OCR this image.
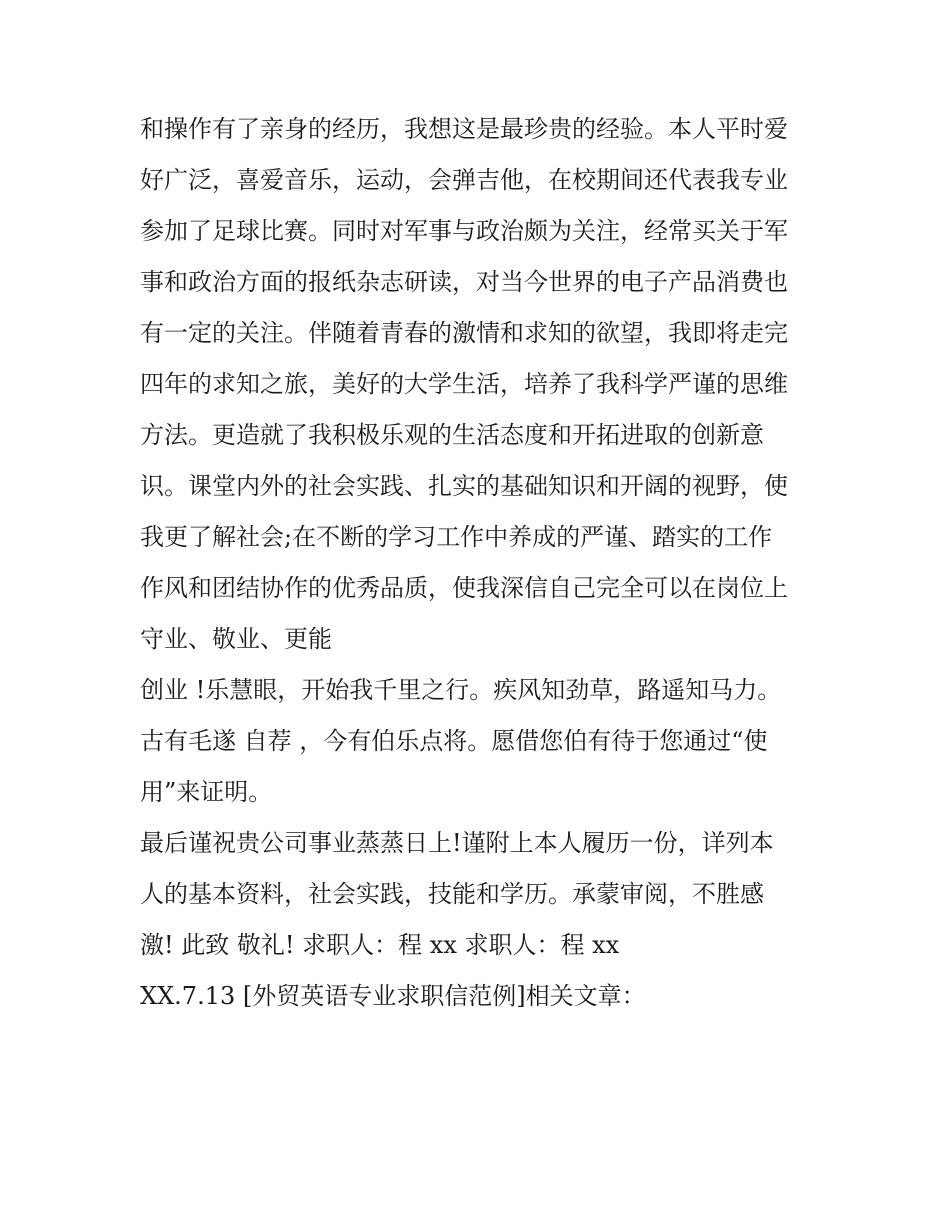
和操作有了亲身的经历，我想这是最珍贵的经验。本人平时爱
好广泛，喜爱音乐，运动，会弹吉他，在校期间还代表我专业
参加了足球比赛。同时对军事与政治颇为关注，经常买关于军
事和政治方面的报纸杂志研读，对当今世界的电子产品消费也
有一定的关注。伴随着青春的激情和求知的欲望，我即将走完
四年的求知之旅，美好的大学生活，培养了我科学严谨的思维
方法。更造就了我积极乐观的生活态度和开拓进取的创新意
识。课堂内外的社会实践、扎实的基础知识和开阔的视野，使
我更了解社会;在不断的学习工作中养成的严谨、踏实的工作
作风和团结协作的优秀品质，使我深信自己完全可以在岗位上
守业、敬业、更能
创业 !乐慧眼，开始我千里之行。疾风知劲草，路遥知马力。
古有毛遂 自荐 ，今有伯乐点将。愿借您伯有待于您通过“使
用”来证明。
最后谨祝贵公司事业蒸蒸日上!谨附上本人履历一份，详列本
人的基本资料，社会实践，技能和学历。承蒙审阅，不胜感
激! 此致 敬礼! 求职人：程 xx 求职人：程 xx
XX.7.13 [外贸英语专业求职信范例]相关文章：
